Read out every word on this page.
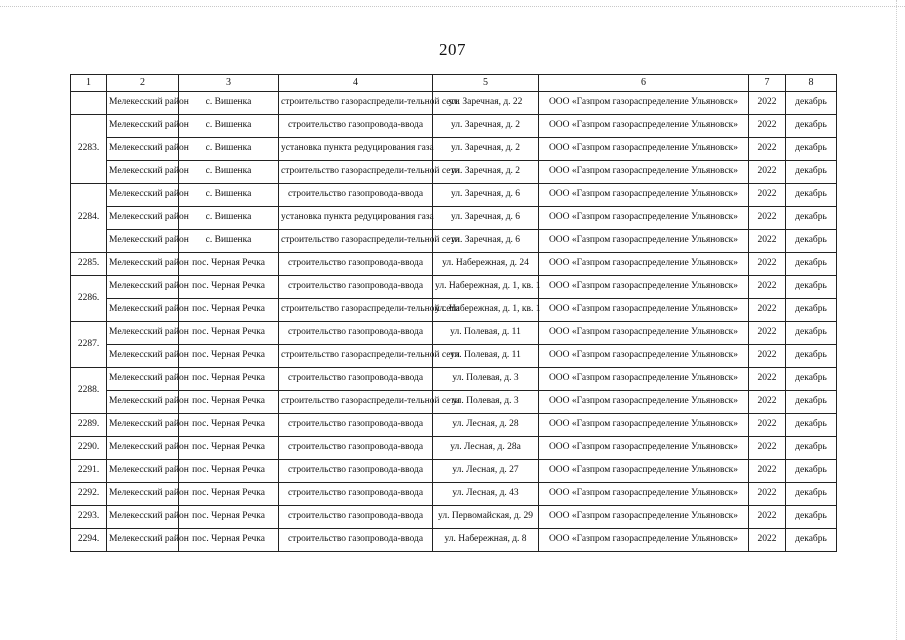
207
1	2	3	4	5	6	7	8
	Мелекесский район	с. Вишенка	строительство газораспредели-тельной сети	ул. Заречная, д. 22	ООО «Газпром газораспределение Ульяновск»	2022	декабрь
2283.	Мелекесский район	с. Вишенка	строительство газопровода-ввода	ул. Заречная, д. 2	ООО «Газпром газораспределение Ульяновск»	2022	декабрь
	Мелекесский район	с. Вишенка	установка пункта редуцирования газа	ул. Заречная, д. 2	ООО «Газпром газораспределение Ульяновск»	2022	декабрь
	Мелекесский район	с. Вишенка	строительство газораспредели-тельной сети	ул. Заречная, д. 2	ООО «Газпром газораспределение Ульяновск»	2022	декабрь
2284.	Мелекесский район	с. Вишенка	строительство газопровода-ввода	ул. Заречная, д. 6	ООО «Газпром газораспределение Ульяновск»	2022	декабрь
	Мелекесский район	с. Вишенка	установка пункта редуцирования газа	ул. Заречная, д. 6	ООО «Газпром газораспределение Ульяновск»	2022	декабрь
	Мелекесский район	с. Вишенка	строительство газораспредели-тельной сети	ул. Заречная, д. 6	ООО «Газпром газораспределение Ульяновск»	2022	декабрь
2285.	Мелекесский район	пос. Черная Речка	строительство газопровода-ввода	ул. Набережная, д. 24	ООО «Газпром газораспределение Ульяновск»	2022	декабрь
2286.	Мелекесский район	пос. Черная Речка	строительство газопровода-ввода	ул. Набережная, д. 1, кв. 1	ООО «Газпром газораспределение Ульяновск»	2022	декабрь
	Мелекесский район	пос. Черная Речка	строительство газораспредели-тельной сети	ул. Набережная, д. 1, кв. 1	ООО «Газпром газораспределение Ульяновск»	2022	декабрь
2287.	Мелекесский район	пос. Черная Речка	строительство газопровода-ввода	ул. Полевая, д. 11	ООО «Газпром газораспределение Ульяновск»	2022	декабрь
	Мелекесский район	пос. Черная Речка	строительство газораспредели-тельной сети	ул. Полевая, д. 11	ООО «Газпром газораспределение Ульяновск»	2022	декабрь
2288.	Мелекесский район	пос. Черная Речка	строительство газопровода-ввода	ул. Полевая, д. 3	ООО «Газпром газораспределение Ульяновск»	2022	декабрь
	Мелекесский район	пос. Черная Речка	строительство газораспредели-тельной сети	ул. Полевая, д. 3	ООО «Газпром газораспределение Ульяновск»	2022	декабрь
2289.	Мелекесский район	пос. Черная Речка	строительство газопровода-ввода	ул. Лесная, д. 28	ООО «Газпром газораспределение Ульяновск»	2022	декабрь
2290.	Мелекесский район	пос. Черная Речка	строительство газопровода-ввода	ул. Лесная, д. 28а	ООО «Газпром газораспределение Ульяновск»	2022	декабрь
2291.	Мелекесский район	пос. Черная Речка	строительство газопровода-ввода	ул. Лесная, д. 27	ООО «Газпром газораспределение Ульяновск»	2022	декабрь
2292.	Мелекесский район	пос. Черная Речка	строительство газопровода-ввода	ул. Лесная, д. 43	ООО «Газпром газораспределение Ульяновск»	2022	декабрь
2293.	Мелекесский район	пос. Черная Речка	строительство газопровода-ввода	ул. Первомайская, д. 29	ООО «Газпром газораспределение Ульяновск»	2022	декабрь
2294.	Мелекесский район	пос. Черная Речка	строительство газопровода-ввода	ул. Набережная, д. 8	ООО «Газпром газораспределение Ульяновск»	2022	декабрь
